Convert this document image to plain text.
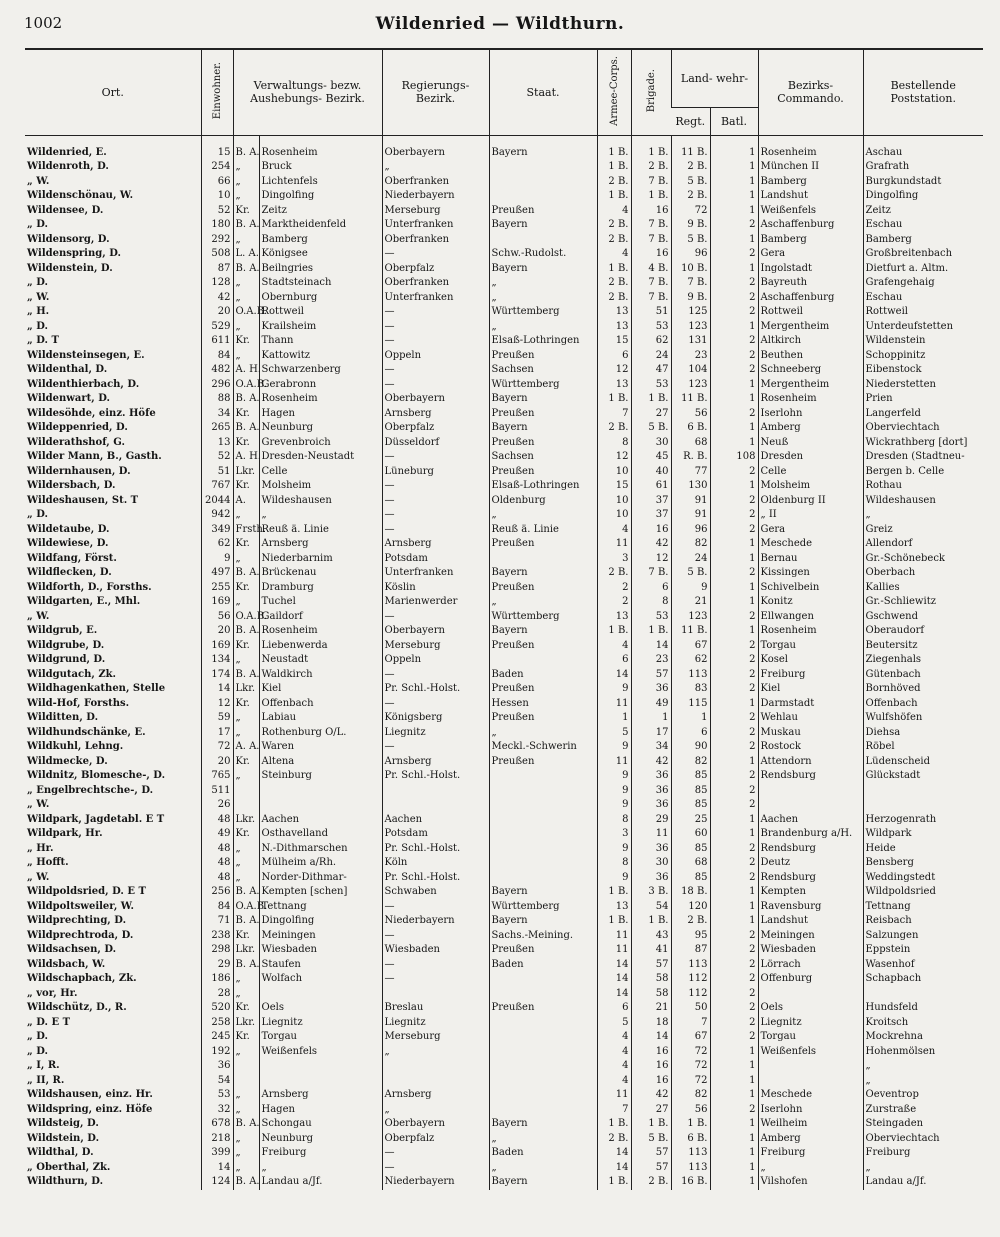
1002	Wildenried — Wildthurn.
Ort.	Einwohner.	Verwaltungs- bezw. Aushebungs- Bezirk.		Regierungs- Bezirk.	Staat.	Armee-Corps.	Brigade.	Land- wehr-		Bezirks- Commando.	Bestellende Poststation.
								Regt.	Batl.		
Wildenried, E.	15	B. A.	Rosenheim	Oberbayern	Bayern	1 B.	1 B.	11 B.	1	Rosenheim	Aschau
Wildenroth, D.	254	„	Bruck	„		1 B.	2 B.	2 B.	1	München II	Grafrath
„ W.	66	„	Lichtenfels	Oberfranken		2 B.	7 B.	5 B.	1	Bamberg	Burgkundstadt
Wildenschönau, W.	10	„	Dingolfing	Niederbayern		1 B.	1 B.	2 B.	1	Landshut	Dingolfing
Wildensee, D.	52	Kr.	Zeitz	Merseburg	Preußen	4	16	72	1	Weißenfels	Zeitz
„ D.	180	B. A.	Marktheidenfeld	Unterfranken	Bayern	2 B.	7 B.	9 B.	2	Aschaffenburg	Eschau
Wildensorg, D.	292	„	Bamberg	Oberfranken		2 B.	7 B.	5 B.	1	Bamberg	Bamberg
Wildenspring, D.	508	L. A.	Königsee	—	Schw.-Rudolst.	4	16	96	2	Gera	Großbreitenbach
Wildenstein, D.	87	B. A.	Beilngries	Oberpfalz	Bayern	1 B.	4 B.	10 B.	1	Ingolstadt	Dietfurt a. Altm.
„ D.	128	„	Stadtsteinach	Oberfranken	„	2 B.	7 B.	7 B.	2	Bayreuth	Grafengehaig
„ W.	42	„	Obernburg	Unterfranken	„	2 B.	7 B.	9 B.	2	Aschaffenburg	Eschau
„ H.	20	O.A.B.	Rottweil	—	Württemberg	13	51	125	2	Rottweil	Rottweil
„ D.	529	„	Krailsheim	—	„	13	53	123	1	Mergentheim	Unterdeufstetten
„ D. T	611	Kr.	Thann	—	Elsaß-Lothringen	15	62	131	2	Altkirch	Wildenstein
Wildensteinsegen, E.	84	„	Kattowitz	Oppeln	Preußen	6	24	23	2	Beuthen	Schoppinitz
Wildenthal, D.	482	A. H.	Schwarzenberg	—	Sachsen	12	47	104	2	Schneeberg	Eibenstock
Wildenthierbach, D.	296	O.A.B.	Gerabronn	—	Württemberg	13	53	123	1	Mergentheim	Niederstetten
Wildenwart, D.	88	B. A.	Rosenheim	Oberbayern	Bayern	1 B.	1 B.	11 B.	1	Rosenheim	Prien
Wildesöhde, einz. Höfe	34	Kr.	Hagen	Arnsberg	Preußen	7	27	56	2	Iserlohn	Langerfeld
Wildeppenried, D.	265	B. A.	Neunburg	Oberpfalz	Bayern	2 B.	5 B.	6 B.	1	Amberg	Oberviechtach
Wilderathshof, G.	13	Kr.	Grevenbroich	Düsseldorf	Preußen	8	30	68	1	Neuß	Wickrathberg [dort]
Wilder Mann, B., Gasth.	52	A. H.	Dresden-Neustadt	—	Sachsen	12	45	R. B.	108	Dresden	Dresden (Stadtneu-
Wildernhausen, D.	51	Lkr.	Celle	Lüneburg	Preußen	10	40	77	2	Celle	Bergen b. Celle
Wildersbach, D.	767	Kr.	Molsheim	—	Elsaß-Lothringen	15	61	130	1	Molsheim	Rothau
Wildeshausen, St. T	2044	A.	Wildeshausen	—	Oldenburg	10	37	91	2	Oldenburg II	Wildeshausen
„ D.	942	„	„	—	„	10	37	91	2	„ II	„
Wildetaube, D.	349	Frsth.	Reuß ä. Linie	—	Reuß ä. Linie	4	16	96	2	Gera	Greiz
Wildewiese, D.	62	Kr.	Arnsberg	Arnsberg	Preußen	11	42	82	1	Meschede	Allendorf
Wildfang, Först.	9	„	Niederbarnim	Potsdam		3	12	24	1	Bernau	Gr.-Schönebeck
Wildflecken, D.	497	B. A.	Brückenau	Unterfranken	Bayern	2 B.	7 B.	5 B.	2	Kissingen	Oberbach
Wildforth, D., Forsths.	255	Kr.	Dramburg	Köslin	Preußen	2	6	9	1	Schivelbein	Kallies
Wildgarten, E., Mhl.	169	„	Tuchel	Marienwerder	„	2	8	21	1	Konitz	Gr.-Schliewitz
„ W.	56	O.A.B.	Gaildorf	—	Württemberg	13	53	123	2	Ellwangen	Gschwend
Wildgrub, E.	20	B. A.	Rosenheim	Oberbayern	Bayern	1 B.	1 B.	11 B.	1	Rosenheim	Oberaudorf
Wildgrube, D.	169	Kr.	Liebenwerda	Merseburg	Preußen	4	14	67	2	Torgau	Beutersitz
Wildgrund, D.	134	„	Neustadt	Oppeln		6	23	62	2	Kosel	Ziegenhals
Wildgutach, Zk.	174	B. A.	Waldkirch	—	Baden	14	57	113	2	Freiburg	Gütenbach
Wildhagenkathen, Stelle	14	Lkr.	Kiel	Pr. Schl.-Holst.	Preußen	9	36	83	2	Kiel	Bornhöved
Wild-Hof, Forsths.	12	Kr.	Offenbach	—	Hessen	11	49	115	1	Darmstadt	Offenbach
Wilditten, D.	59	„	Labiau	Königsberg	Preußen	1	1	1	2	Wehlau	Wulfshöfen
Wildhundschänke, E.	17	„	Rothenburg O/L.	Liegnitz	„	5	17	6	2	Muskau	Diehsa
Wildkuhl, Lehng.	72	A. A.	Waren	—	Meckl.-Schwerin	9	34	90	2	Rostock	Röbel
Wildmecke, D.	20	Kr.	Altena	Arnsberg	Preußen	11	42	82	1	Attendorn	Lüdenscheid
Wildnitz, Blomesche-, D.	765	„	Steinburg	Pr. Schl.-Holst.		9	36	85	2	Rendsburg	Glückstadt
„ Engelbrechtsche-, D.	511					9	36	85	2		
„ W.	26					9	36	85	2		
Wildpark, Jagdetabl. E T	48	Lkr.	Aachen	Aachen		8	29	25	1	Aachen	Herzogenrath
Wildpark, Hr.	49	Kr.	Osthavelland	Potsdam		3	11	60	1	Brandenburg a/H.	Wildpark
„ Hr.	48	„	N.-Dithmarschen	Pr. Schl.-Holst.		9	36	85	2	Rendsburg	Heide
„ Hofft.	48	„	Mülheim a/Rh.	Köln		8	30	68	2	Deutz	Bensberg
„ W.	48	„	Norder-Dithmar-	Pr. Schl.-Holst.		9	36	85	2	Rendsburg	Weddingstedt
Wildpoldsried, D. E T	256	B. A.	Kempten [schen]	Schwaben	Bayern	1 B.	3 B.	18 B.	1	Kempten	Wildpoldsried
Wildpoltsweiler, W.	84	O.A.B.	Tettnang	—	Württemberg	13	54	120	1	Ravensburg	Tettnang
Wildprechting, D.	71	B. A.	Dingolfing	Niederbayern	Bayern	1 B.	1 B.	2 B.	1	Landshut	Reisbach
Wildprechtroda, D.	238	Kr.	Meiningen	—	Sachs.-Meining.	11	43	95	2	Meiningen	Salzungen
Wildsachsen, D.	298	Lkr.	Wiesbaden	Wiesbaden	Preußen	11	41	87	2	Wiesbaden	Eppstein
Wildsbach, W.	29	B. A.	Staufen	—	Baden	14	57	113	2	Lörrach	Wasenhof
Wildschapbach, Zk.	186	„	Wolfach	—		14	58	112	2	Offenburg	Schapbach
„ vor, Hr.	28	„				14	58	112	2		
Wildschütz, D., R.	520	Kr.	Oels	Breslau	Preußen	6	21	50	2	Oels	Hundsfeld
„ D. E T	258	Lkr.	Liegnitz	Liegnitz		5	18	7	2	Liegnitz	Kroitsch
„ D.	245	Kr.	Torgau	Merseburg		4	14	67	2	Torgau	Mockrehna
„ D.	192	„	Weißenfels	„		4	16	72	1	Weißenfels	Hohenmölsen
„ I, R.	36					4	16	72	1		„
„ II, R.	54					4	16	72	1		„
Wildshausen, einz. Hr.	53	„	Arnsberg	Arnsberg		11	42	82	1	Meschede	Oeventrop
Wildspring, einz. Höfe	32	„	Hagen	„		7	27	56	2	Iserlohn	Zurstraße
Wildsteig, D.	678	B. A.	Schongau	Oberbayern	Bayern	1 B.	1 B.	1 B.	1	Weilheim	Steingaden
Wildstein, D.	218	„	Neunburg	Oberpfalz	„	2 B.	5 B.	6 B.	1	Amberg	Oberviechtach
Wildthal, D.	399	„	Freiburg	—	Baden	14	57	113	1	Freiburg	Freiburg
„ Oberthal, Zk.	14	„	„	—	„	14	57	113	1	„	„
Wildthurn, D.	124	B. A.	Landau a/Jf.	Niederbayern	Bayern	1 B.	2 B.	16 B.	1	Vilshofen	Landau a/Jf.
